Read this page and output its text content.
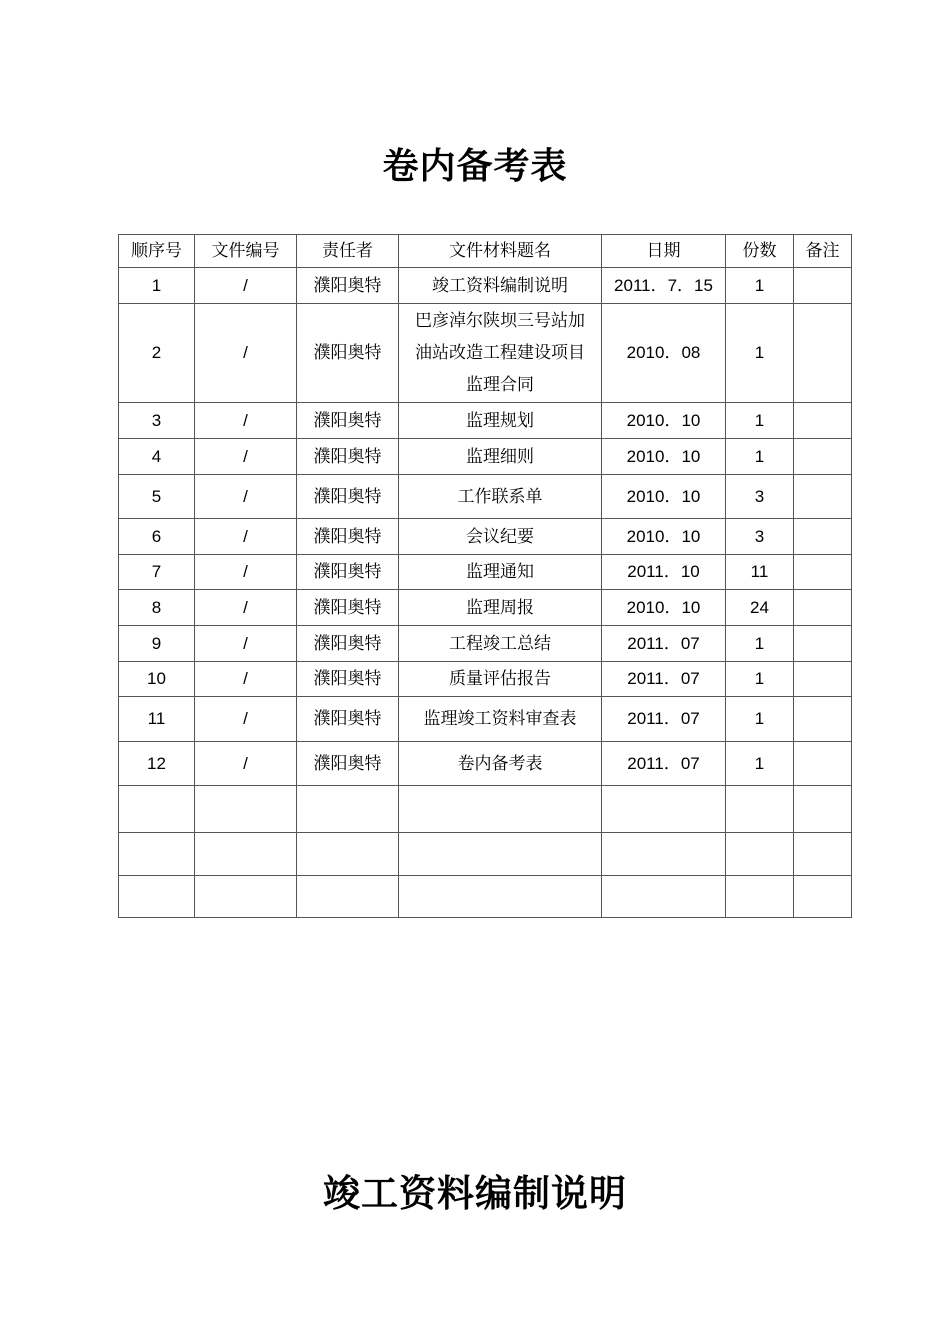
卷内备考表
顺序号	文件编号	责任者	文件材料题名	日期	份数	备注
1	/	濮阳奥特	竣工资料编制说明	2011．7．15	1	
2	/	濮阳奥特	巴彦淖尔陕坝三号站加油站改造工程建设项目监理合同	2010．08	1	
3	/	濮阳奥特	监理规划	2010．10	1	
4	/	濮阳奥特	监理细则	2010．10	1	
5	/	濮阳奥特	工作联系单	2010．10	3	
6	/	濮阳奥特	会议纪要	2010．10	3	
7	/	濮阳奥特	监理通知	2011．10	11	
8	/	濮阳奥特	监理周报	2010．10	24	
9	/	濮阳奥特	工程竣工总结	2011．07	1	
10	/	濮阳奥特	质量评估报告	2011．07	1	
11	/	濮阳奥特	监理竣工资料审查表	2011．07	1	
12	/	濮阳奥特	卷内备考表	2011．07	1	

竣工资料编制说明
